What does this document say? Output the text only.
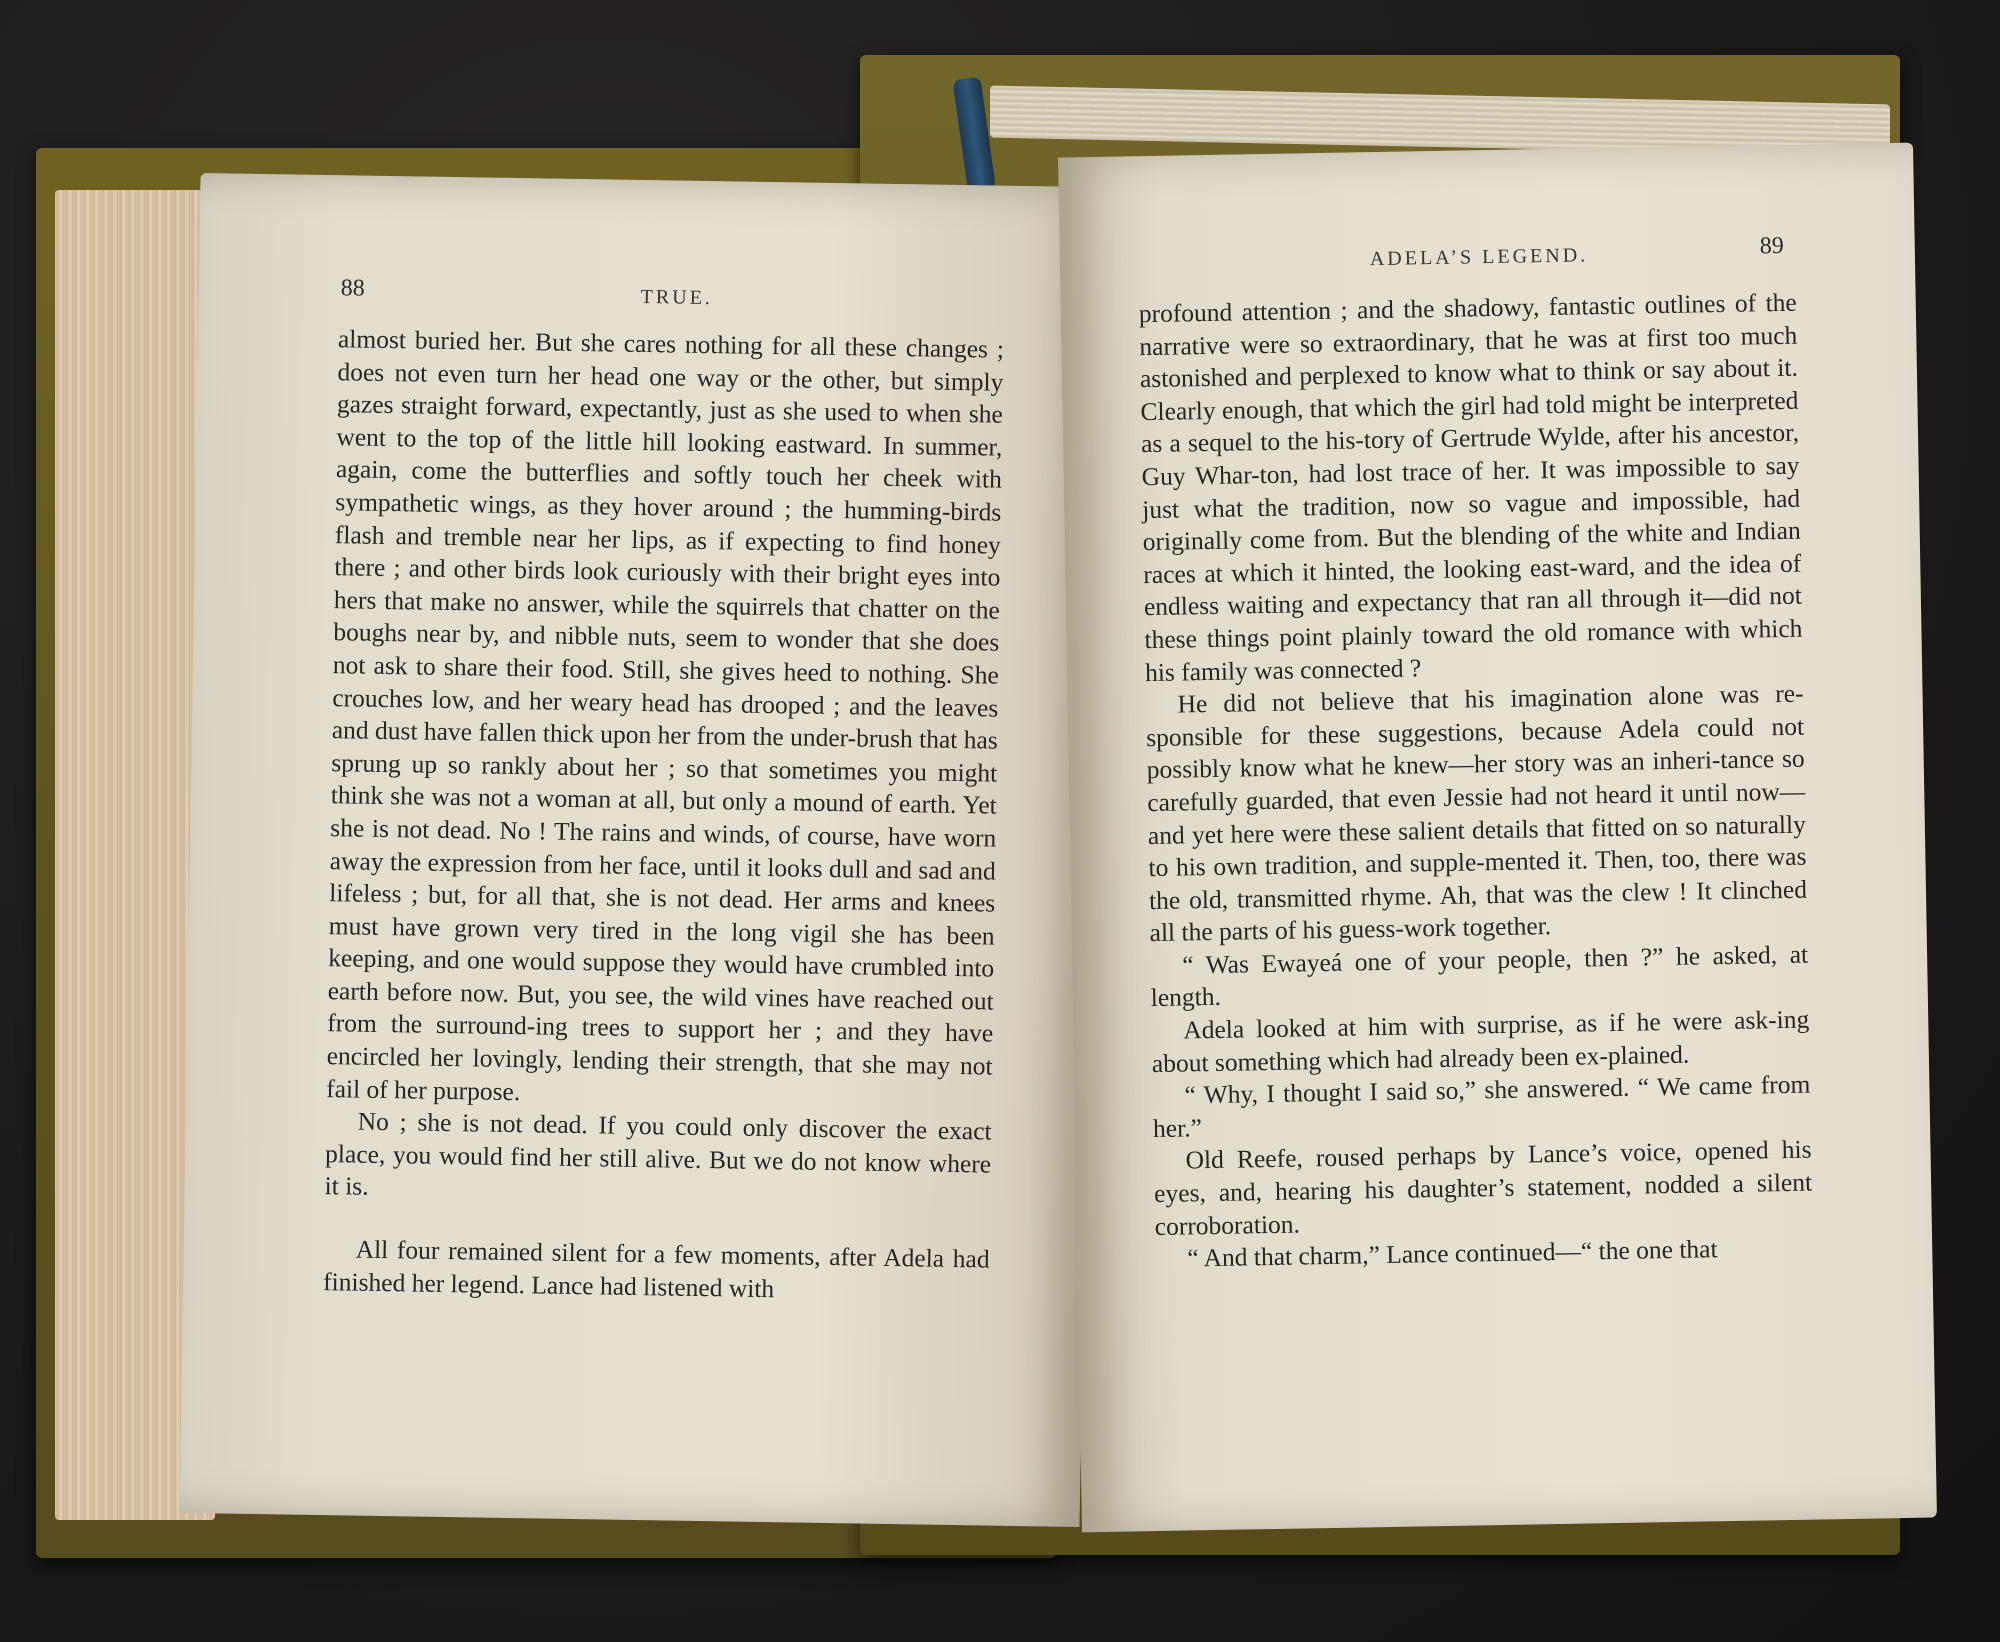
88	TRUE.

almost buried her. But she cares nothing for all these changes ; does not even turn her head one way or the other, but simply gazes straight forward, expectantly, just as she used to when she went to the top of the little hill looking eastward. In summer, again, come the butterflies and softly touch her cheek with sympathetic wings, as they hover around ; the humming-birds flash and tremble near her lips, as if expecting to find honey there ; and other birds look curiously with their bright eyes into hers that make no answer, while the squirrels that chatter on the boughs near by, and nibble nuts, seem to wonder that she does not ask to share their food. Still, she gives heed to nothing. She crouches low, and her weary head has drooped ; and the leaves and dust have fallen thick upon her from the under-brush that has sprung up so rankly about her ; so that sometimes you might think she was not a woman at all, but only a mound of earth. Yet she is not dead. No ! The rains and winds, of course, have worn away the expression from her face, until it looks dull and sad and lifeless ; but, for all that, she is not dead. Her arms and knees must have grown very tired in the long vigil she has been keeping, and one would suppose they would have crumbled into earth before now. But, you see, the wild vines have reached out from the surround-ing trees to support her ; and they have encircled her lovingly, lending their strength, that she may not fail of her purpose.

No ; she is not dead. If you could only discover the exact place, you would find her still alive. But we do not know where it is.

All four remained silent for a few moments, after Adela had finished her legend. Lance had listened with

ADELA’S LEGEND.	89

profound attention ; and the shadowy, fantastic outlines of the narrative were so extraordinary, that he was at first too much astonished and perplexed to know what to think or say about it. Clearly enough, that which the girl had told might be interpreted as a sequel to the his-tory of Gertrude Wylde, after his ancestor, Guy Whar-ton, had lost trace of her. It was impossible to say just what the tradition, now so vague and impossible, had originally come from. But the blending of the white and Indian races at which it hinted, the looking east-ward, and the idea of endless waiting and expectancy that ran all through it—did not these things point plainly toward the old romance with which his family was connected ?

He did not believe that his imagination alone was re-sponsible for these suggestions, because Adela could not possibly know what he knew—her story was an inheri-tance so carefully guarded, that even Jessie had not heard it until now—and yet here were these salient details that fitted on so naturally to his own tradition, and supple-mented it. Then, too, there was the old, transmitted rhyme. Ah, that was the clew ! It clinched all the parts of his guess-work together.

“ Was Ewayeá one of your people, then ?” he asked, at length.

Adela looked at him with surprise, as if he were ask-ing about something which had already been ex-plained.

“ Why, I thought I said so,” she answered. “ We came from her.”

Old Reefe, roused perhaps by Lance’s voice, opened his eyes, and, hearing his daughter’s statement, nodded a silent corroboration.

“ And that charm,” Lance continued—“ the one that
